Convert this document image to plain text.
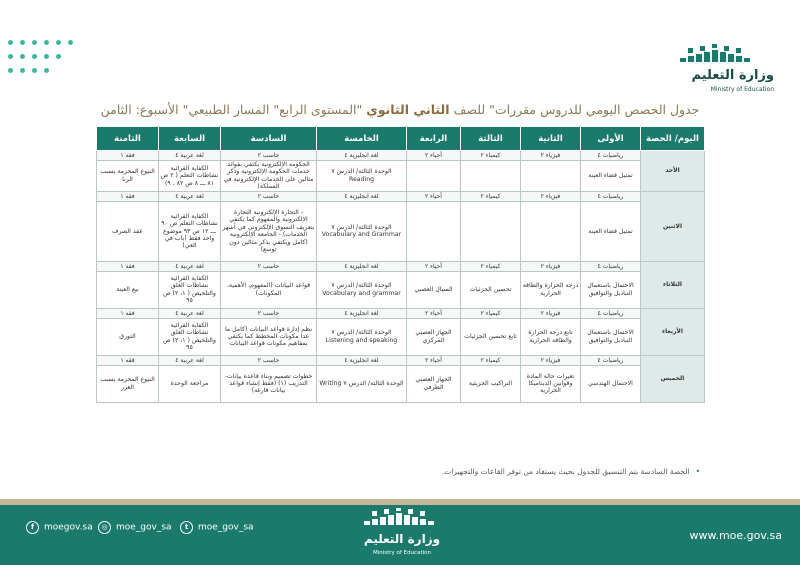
وزارة التعليم
Ministry of Education
جدول الحصص اليومي للدروس مقررات" للصف الثاني الثانوي "المستوى الرابع" المسار الطبيعي" الأسبوع: الثامن
اليوم/ الحصة	الأولى	الثانية	الثالثة	الرابعة	الخامسة	السادسة	السابعة	الثامنة
الأحد	رياضيات ٤	فيزياء ٢	كيمياء ٢	أحياء ٢	لغة انجليزية ٤	حاسب ٢	لغة عربية ٤	فقه ١
	تمثيل فضاء العينة				الوحدة الثالثة/ الدرس ٧ Reading	الحكومة الإلكترونية يكتفي بفوائد خدمات الحكومة الإلكترونية وذكر مثالين على الخدمات الإلكترونية في المملكة)	الكفاية القرائية نشاطات التعلم ( ٢ ص ٨١ ـــ ٨ ص ٨٢ ، ٩)	البيوع المحرمة بسبب الربا
الاثنين	رياضيات ٤	فيزياء ٢	كيمياء ٢	أحياء ٢	لغة انجليزية ٤	حاسب ٢	لغة عربية ٤	فقه ١
	تمثيل فضاء العينة				الوحدة الثالثة/ الدرس ٧ Vocabulary and Grammar	- التجارة الإلكترونية التجارة الإلكترونية والمفهوم كما يكتفي بتعريف التسوق الإلكتروني في أشهر الخدمات) - الجامعة الإلكترونية (كامل ويكتفي بذكر مثالين دون توسع)	الكفاية القرائية نشاطات التعلم ص ٩٠ ـــ ١٢ ص ٩٣ موضوع واحد فقط (باب في العي)	عقد الصرف
الثلاثاء	رياضيات ٤	فيزياء ٢	كيمياء ٢	أحياء ٢	لغة انجليزية ٤	حاسب ٢	لغة عربية ٤	فقه ١
	الاحتمال باستعمال التباديل والتوافيق	درجة الحرارة والطاقة الحرارية	تحسين الجزئيات	السيال العصبي	الوحدة الثالثة/ الدرس ٧ Vocabulary and grammar	قواعد البيانات (المفهوم، الأهمية، المكونات)	الكفاية القرائية نشاطات الغلق والتلخيص ( ١، ٢) ص ٩٥	بيع العينة
الأربعاء	رياضيات ٤	فيزياء ٢	كيمياء ٢	أحياء ٢	لغة انجليزية ٤	حاسب ٢	لغة عربية ٤	فقه ١
	الاحتمال باستعمال التباديل والتوافيق	تابع درجة الحرارة والطاقة الحرارية	تابع تحسين الجزئيات	الجهاز العصبي المركزي	الوحدة الثالثة/ الدرس ٧ Listening and speaking	نظم إدارة قواعد البيانات (كامل ما عدا مكونات المخطط كما يكتفي بمفاهيم مكونات قواعد البيانات	الكفاية القرائية نشاطات الغلق والتلخيص ( ١، ٢) ص ٩٥	التورق
الخميس	رياضيات ٤	فيزياء ٢	كيمياء ٢	أحياء ٢	لغة انجليزية ٤	حاسب ٢	لغة عربية ٤	فقه ١
	الاحتمال الهندسي	تغيرات حالة المادة وقوانين الديناميكا الحرارية	التراكيب الجزيئية	الجهاز العصبي الطرفي	الوحدة الثالثة/ الدرس ٧ Writing	خطوات تصميم وبناء قاعدة بيانات- التدريب (١) (فقط إنشاء قواعد بيانات فارغة)	مراجعة الوحدة	البيوع المحرمة بسبب الغرر
•الحصة السادسة يتم التنسيق للجدول بحيث يستفاد من توفر القاعات والتجهيزات.
f moegov.sa	◎ moe_gov_sa	t moe_gov_sa
وزارة التعليم
Ministry of Education
www.moe.gov.sa
